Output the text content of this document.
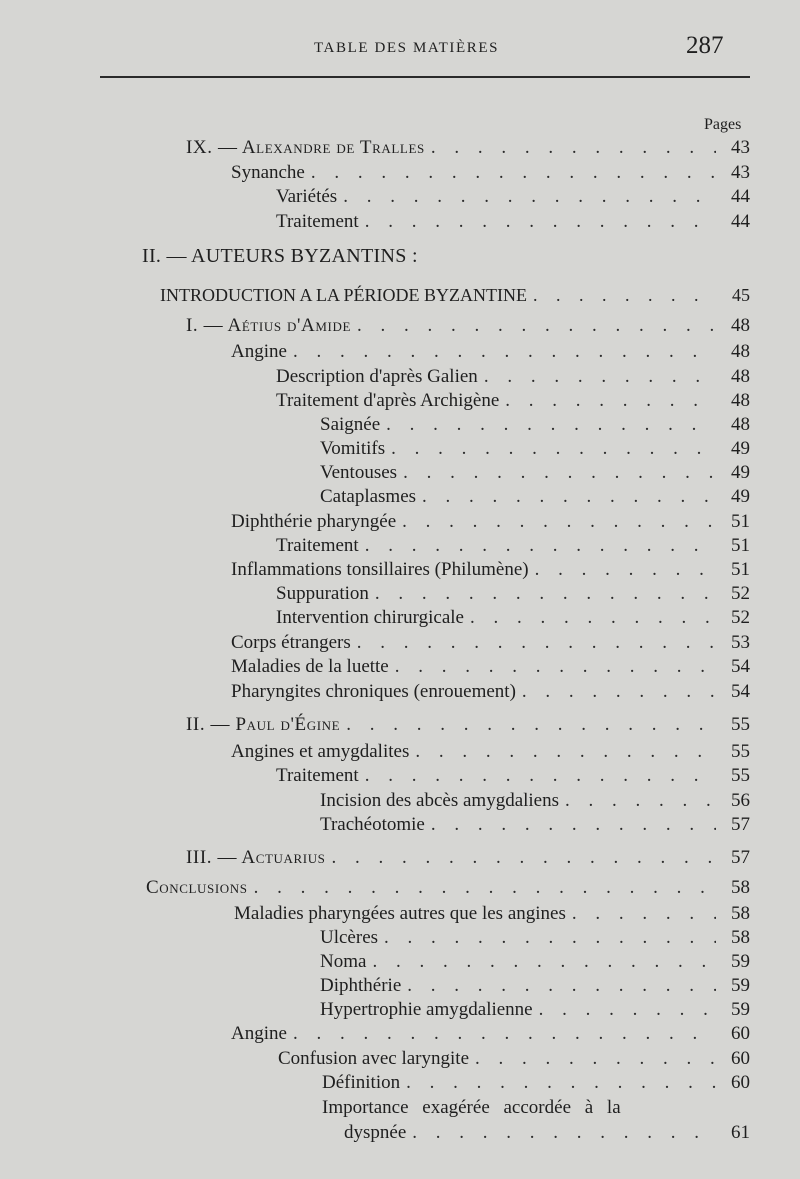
TABLE DES MATIÈRES	287
Pages
IX. — Alexandre de Tralles . . .	43
Synanche . . .	43
Variétés . . .	44
Traitement . . .	44
II. — AUTEURS BYZANTINS :
INTRODUCTION A LA PÉRIODE BYZANTINE . . .	45
I. — Aétius d'Amide . . .	48
Angine . . .	48
Description d'après Galien . . .	48
Traitement d'après Archigène . . .	48
Saignée . . .	48
Vomitifs . . .	49
Ventouses . . .	49
Cataplasmes . . .	49
Diphthérie pharyngée . . .	51
Traitement . . .	51
Inflammations tonsillaires (Philumène) . . .	51
Suppuration . . .	52
Intervention chirurgicale . . .	52
Corps étrangers . . .	53
Maladies de la luette . . .	54
Pharyngites chroniques (enrouement) . . .	54
II. — Paul d'Égine . . .	55
Angines et amygdalites . . .	55
Traitement . . .	55
Incision des abcès amygdaliens . . .	56
Trachéotomie . . .	57
III. — Actuarius . . .	57
Conclusions . . .	58
Maladies pharyngées autres que les angines . . .	58
Ulcères . . .	58
Noma . . .	59
Diphthérie . . .	59
Hypertrophie amygdalienne . . .	59
Angine . . .	60
Confusion avec laryngite . . .	60
Définition . . .	60
Importance exagérée accordée à la
dyspnée . . .	61
